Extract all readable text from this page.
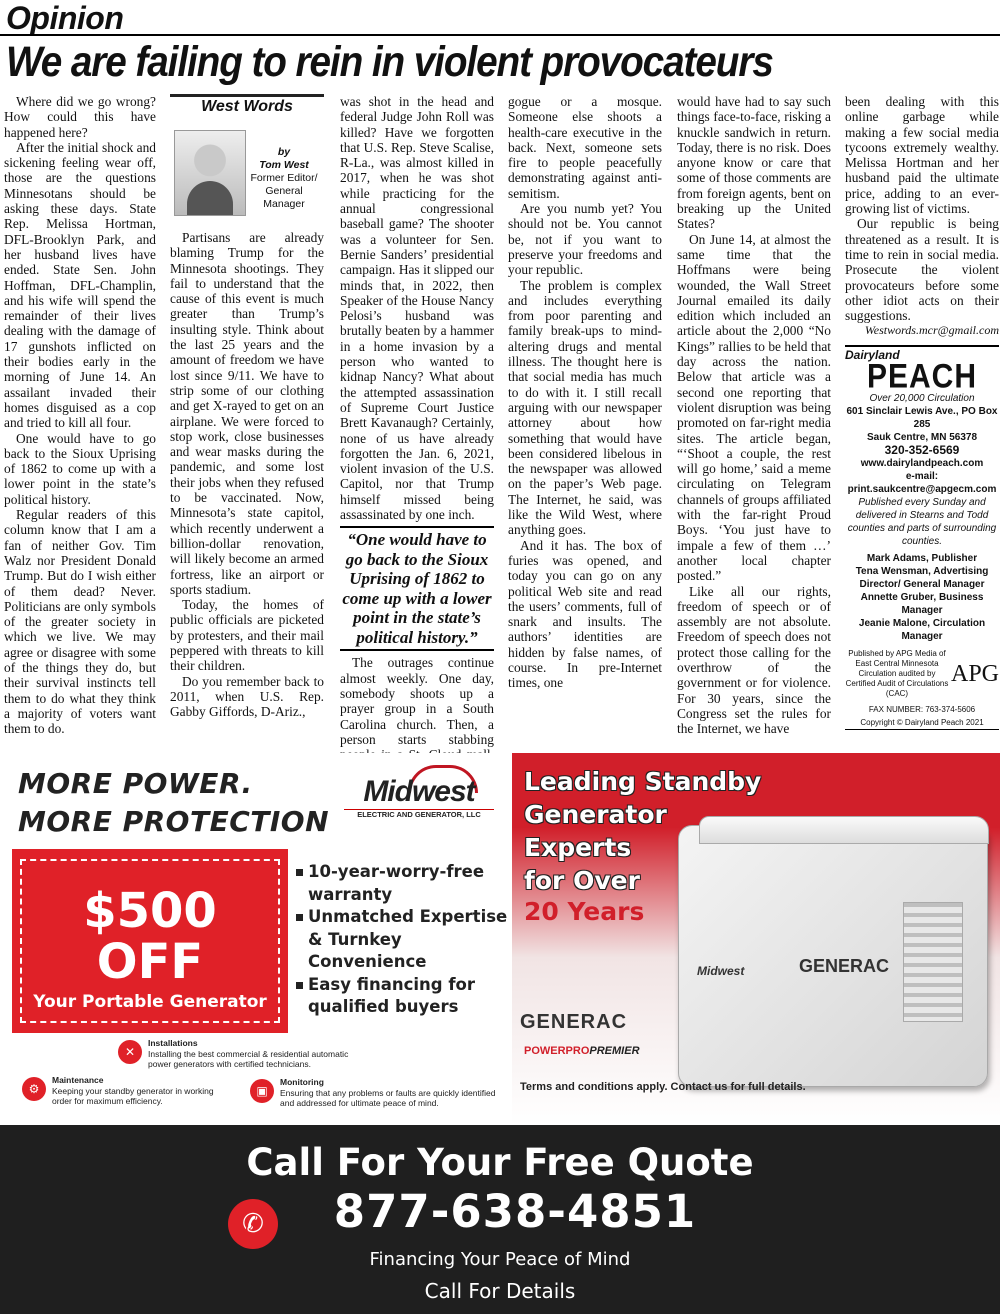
Opinion
We are failing to rein in violent provocateurs

Where did we go wrong? How could this have happened here?

After the initial shock and sickening feeling wear off, those are the questions Minnesotans should be asking these days. State Rep. Melissa Hortman, DFL-Brooklyn Park, and her husband lives have ended. State Sen. John Hoffman, DFL-Champlin, and his wife will spend the remainder of their lives dealing with the damage of 17 gunshots inflicted on their bodies early in the morning of June 14. An assailant invaded their homes disguised as a cop and tried to kill all four.

One would have to go back to the Sioux Uprising of 1862 to come up with a lower point in the state’s political history.

Regular readers of this column know that I am a fan of neither Gov. Tim Walz nor President Donald Trump. But do I wish either of them dead? Never. Politicians are only symbols of the greater society in which we live. We may agree or disagree with some of the things they do, but their survival instincts tell them to do what they think a majority of voters want them to do.

West Words
by
Tom West
Former Editor/ General Manager

Partisans are already blaming Trump for the Minnesota shootings. They fail to understand that the cause of this event is much greater than Trump’s insulting style. Think about the last 25 years and the amount of freedom we have lost since 9/11. We have to strip some of our clothing and get X-rayed to get on an airplane. We were forced to stop work, close businesses and wear masks during the pandemic, and some lost their jobs when they refused to be vaccinated. Now, Minnesota’s state capitol, which recently underwent a billion-dollar renovation, will likely become an armed fortress, like an airport or sports stadium.

Today, the homes of public officials are picketed by protesters, and their mail peppered with threats to kill their children.

Do you remember back to 2011, when U.S. Rep. Gabby Giffords, D-Ariz.,

was shot in the head and federal Judge John Roll was killed? Have we forgotten that U.S. Rep. Steve Scalise, R-La., was almost killed in 2017, when he was shot while practicing for the annual congressional baseball game? The shooter was a volunteer for Sen. Bernie Sanders’ presidential campaign. Has it slipped our minds that, in 2022, then Speaker of the House Nancy Pelosi’s husband was brutally beaten by a hammer in a home invasion by a person who wanted to kidnap Nancy? What about the attempted assassination of Supreme Court Justice Brett Kavanaugh? Certainly, none of us have already forgotten the Jan. 6, 2021, violent invasion of the U.S. Capitol, nor that Trump himself missed being assassinated by one inch.

“One would have to go back to the Sioux Uprising of 1862 to come up with a lower point in the state’s political history.”

The outrages continue almost weekly. One day, somebody shoots up a prayer group in a South Carolina church. Then, a person starts stabbing

gogue or a mosque. Someone else shoots a health-care executive in the back. Next, someone sets fire to people peacefully demonstrating against anti-semitism.

Are you numb yet? You should not be. You cannot be, not if you want to preserve your freedoms and your republic.

The problem is complex and includes everything from poor parenting and family break-ups to mind-altering drugs and mental illness. The thought here is that social media has much to do with it. I still recall arguing with our newspaper attorney about how something that would have been considered libelous in the newspaper was allowed on the paper’s Web page. The Internet, he said, was like the Wild West, where anything goes.

And it has. The box of furies was opened, and today you can go on any political Web site and read the users’ comments, full of snark and insults. The authors’ identities are hidden by false names, of course. In pre-Internet times, one

would have had to say such things face-to-face, risking a knuckle sandwich in return. Today, there is no risk. Does anyone know or care that some of those comments are from foreign agents, bent on breaking up the United States?

On June 14, at almost the same time that the Hoffmans were being wounded, the Wall Street Journal emailed its daily edition which included an article about the 2,000 “No Kings” rallies to be held that day across the nation. Below that article was a second one reporting that violent disruption was being promoted on far-right media sites. The article began, “‘Shoot a couple, the rest will go home,’ said a meme circulating on Telegram channels of groups affiliated with the far-right Proud Boys. ‘You just have to impale a few of them …’ another local chapter posted.”

Like all our rights, freedom of speech or of assembly are not absolute. Freedom of speech does not protect those calling for the overthrow of the government or for violence. For 30 years, since the Congress set the rules for the Internet, we have

been dealing with this online garbage while making a few social media tycoons extremely wealthy. Melissa Hortman and her husband paid the ultimate price, adding to an ever-growing list of victims.

Our republic is being threatened as a result. It is time to rein in social media. Prosecute the violent provocateurs before some other idiot acts on their suggestions.

Westwords.mcr@gmail.com
Dairyland
PEACH
Over 20,000 Circulation
601 Sinclair Lewis Ave., PO Box 285
Sauk Centre, MN 56378
320-352-6569
www.dairylandpeach.com
e-mail: print.saukcentre@apgecm.com
Published every Sunday and delivered in Stearns and Todd counties and parts of surrounding counties.
Mark Adams, Publisher
Tena Wensman, Advertising Director/ General Manager
Annette Gruber, Business Manager
Jeanie Malone, Circulation Manager
Published by APG Media of East Central Minnesota Circulation audited by Certified Audit of Circulations (CAC)
APG
FAX NUMBER: 763-374-5606
Copyright © Dairyland Peach 2021
MORE POWER.
MORE PROTECTION
Midwest
ELECTRIC AND GENERATOR, LLC
$500
OFF
Your Portable Generator
10-year-worry-free warranty
Unmatched Expertise & Turnkey Convenience
Easy financing for qualified buyers
✕
Installations
Installing the best commercial & residential automatic power generators with certified technicians.
⚙
Maintenance
Keeping your standby generator in working order for maximum efficiency.
▣
Monitoring
Ensuring that any problems or faults are quickly identified and addressed for ultimate peace of mind.
Leading Standby
Generator
Experts
for Over
20 Years
Midwest	GENERAC
GENERAC
POWERPROPREMIER
Terms and conditions apply. Contact us for full details.
Call For Your Free Quote
✆	877-638-4851
Financing Your Peace of Mind
Call For Details
